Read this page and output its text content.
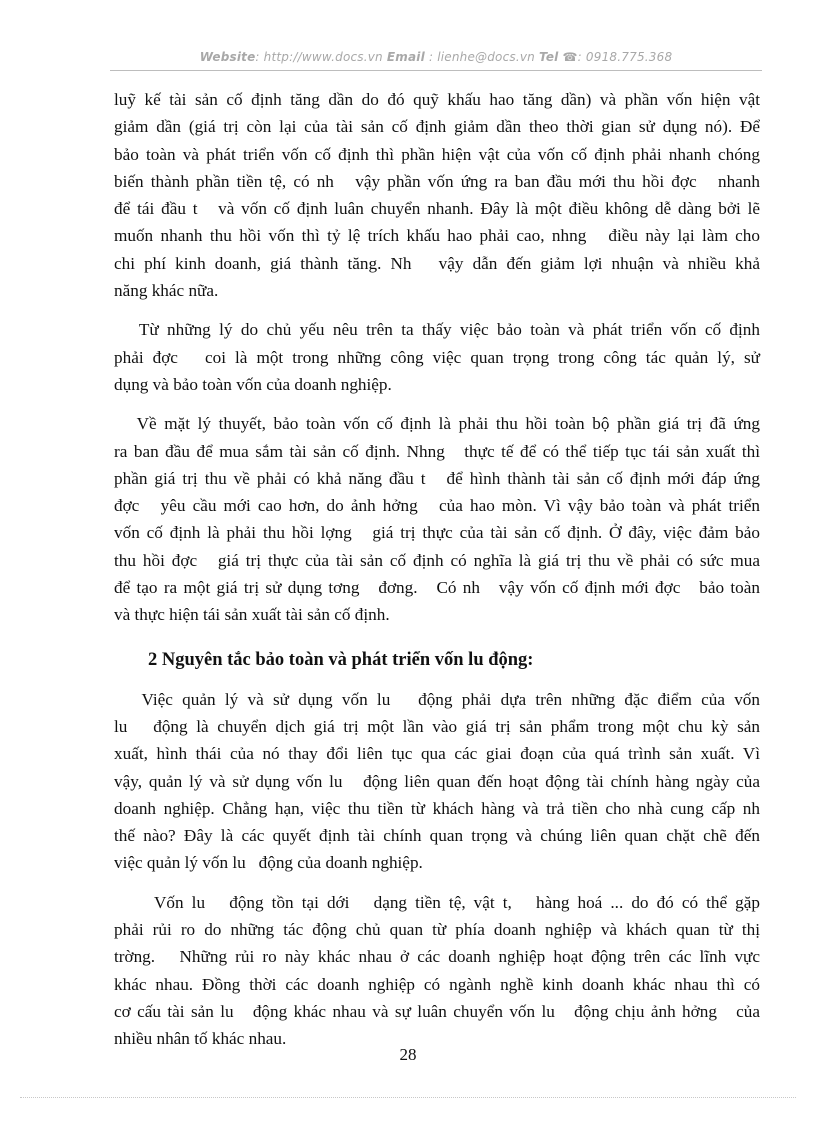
Website: http://www.docs.vn Email : lienhe@docs.vn Tel ☎: 0918.775.368
luỹ kế tài sản cố định tăng dần do đó quỹ khấu hao tăng dần) và phần vốn hiện vật
giảm dần (giá trị còn lại của tài sản cố định giảm dần theo thời gian sử dụng nó). Để
bảo toàn và phát triển vốn cố định thì phần hiện vật của vốn cố định phải nhanh chóng
biến thành phần tiền tệ, có nh   vậy phần vốn ứng ra ban đầu mới thu hồi đợc   nhanh
để tái đầu t   và vốn cố định luân chuyển nhanh. Đây là một điều không dễ dàng bởi lẽ
muốn nhanh thu hồi vốn thì tỷ lệ trích khấu hao phải cao, nhng   điều này lại làm cho
chi phí kinh doanh, giá thành tăng. Nh   vậy dẫn đến giảm lợi nhuận và nhiều khả
năng khác nữa.
Từ những lý do chủ yếu nêu trên ta thấy việc bảo toàn và phát triển vốn cố định
phải đợc   coi là một trong những công việc quan trọng trong công tác quản lý, sử
dụng và bảo toàn vốn của doanh nghiệp.
Về mặt lý thuyết, bảo toàn vốn cố định là phải thu hồi toàn bộ phần giá trị đã ứng
ra ban đầu để mua sắm tài sản cố định. Nhng   thực tế để có thể tiếp tục tái sản xuất thì
phần giá trị thu về phải có khả năng đầu t   để hình thành tài sản cố định mới đáp ứng
đợc   yêu cầu mới cao hơn, do ảnh hởng   của hao mòn. Vì vậy bảo toàn và phát triển
vốn cố định là phải thu hồi lợng   giá trị thực của tài sản cố định. Ở đây, việc đảm bảo
thu hồi đợc   giá trị thực của tài sản cố định có nghĩa là giá trị thu về phải có sức mua
để tạo ra một giá trị sử dụng tơng   đơng.   Có nh   vậy vốn cố định mới đợc   bảo toàn
và thực hiện tái sản xuất tài sản cố định.
2 Nguyên tắc bảo toàn và phát triển vốn lu động:
Việc quản lý và sử dụng vốn lu   động phải dựa trên những đặc điểm của vốn
lu   động là chuyển dịch giá trị một lần vào giá trị sản phẩm trong một chu kỳ sản
xuất, hình thái của nó thay đổi liên tục qua các giai đoạn của quá trình sản xuất. Vì
vậy, quản lý và sử dụng vốn lu   động liên quan đến hoạt động tài chính hàng ngày của
doanh nghiệp. Chẳng hạn, việc thu tiền từ khách hàng và trả tiền cho nhà cung cấp nh
thế nào? Đây là các quyết định tài chính quan trọng và chúng liên quan chặt chẽ đến
việc quản lý vốn lu   động của doanh nghiệp.
Vốn lu   động tồn tại dới   dạng tiền tệ, vật t,   hàng hoá ... do đó có thể gặp
phải rủi ro do những tác động chủ quan từ phía doanh nghiệp và khách quan từ thị
trờng.   Những rủi ro này khác nhau ở các doanh nghiệp hoạt động trên các lĩnh vực
khác nhau. Đồng thời các doanh nghiệp có ngành nghề kinh doanh khác nhau thì có
cơ cấu tài sản lu   động khác nhau và sự luân chuyển vốn lu   động chịu ảnh hởng   của
nhiều nhân tố khác nhau.
28
